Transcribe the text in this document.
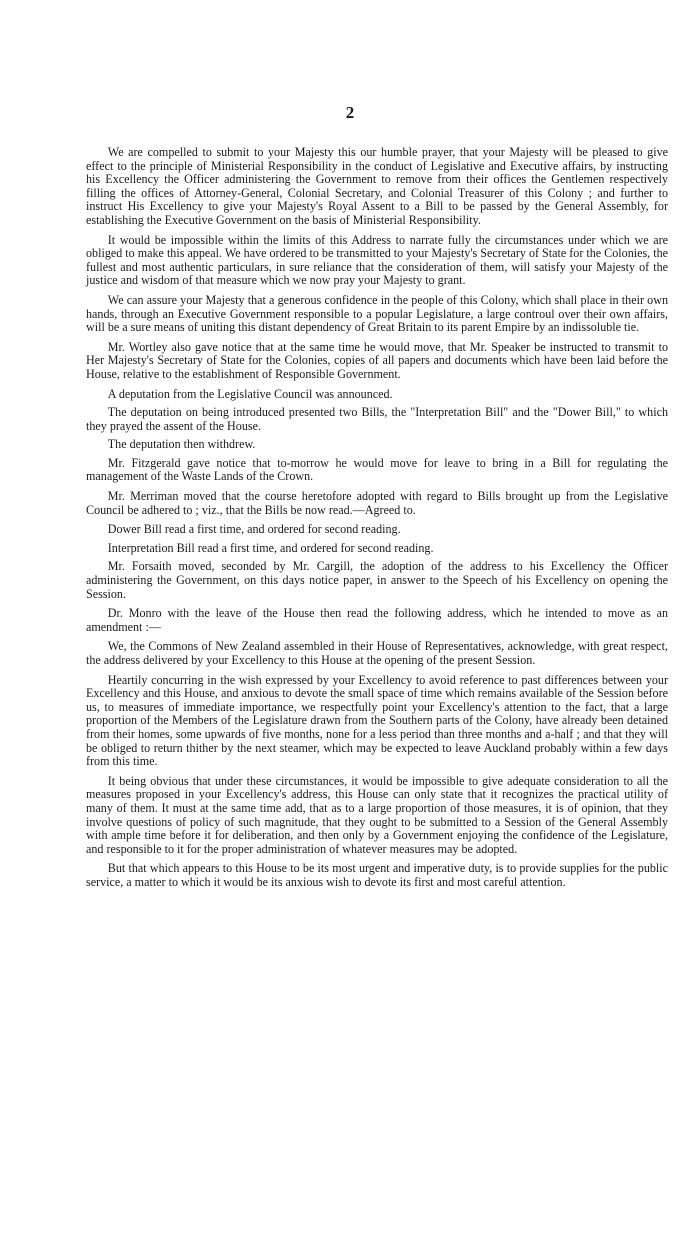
2

We are compelled to submit to your Majesty this our humble prayer, that your Majesty will be pleased to give effect to the principle of Ministerial Responsibility in the conduct of Legislative and Executive affairs, by instructing his Excellency the Officer administering the Government to remove from their offices the Gentlemen respectively filling the offices of Attorney-General, Colonial Secretary, and Colonial Treasurer of this Colony ; and further to instruct His Excellency to give your Majesty's Royal Assent to a Bill to be passed by the General Assembly, for establishing the Executive Government on the basis of Ministerial Responsibility.

It would be impossible within the limits of this Address to narrate fully the circumstances under which we are obliged to make this appeal. We have ordered to be transmitted to your Majesty's Secretary of State for the Colonies, the fullest and most authentic particulars, in sure reliance that the consideration of them, will satisfy your Majesty of the justice and wisdom of that measure which we now pray your Majesty to grant.

We can assure your Majesty that a generous confidence in the people of this Colony, which shall place in their own hands, through an Executive Government responsible to a popular Legislature, a large controul over their own affairs, will be a sure means of uniting this distant dependency of Great Britain to its parent Empire by an indissoluble tie.

Mr. Wortley also gave notice that at the same time he would move, that Mr. Speaker be instructed to transmit to Her Majesty's Secretary of State for the Colonies, copies of all papers and documents which have been laid before the House, relative to the establishment of Responsible Government.

A deputation from the Legislative Council was announced.

The deputation on being introduced presented two Bills, the "Interpretation Bill" and the "Dower Bill," to which they prayed the assent of the House.

The deputation then withdrew.

Mr. Fitzgerald gave notice that to-morrow he would move for leave to bring in a Bill for regulating the management of the Waste Lands of the Crown.

Mr. Merriman moved that the course heretofore adopted with regard to Bills brought up from the Legislative Council be adhered to ; viz., that the Bills be now read.—Agreed to.

Dower Bill read a first time, and ordered for second reading.

Interpretation Bill read a first time, and ordered for second reading.

Mr. Forsaith moved, seconded by Mr. Cargill, the adoption of the address to his Excellency the Officer administering the Government, on this days notice paper, in answer to the Speech of his Excellency on opening the Session.

Dr. Monro with the leave of the House then read the following address, which he intended to move as an amendment :—

We, the Commons of New Zealand assembled in their House of Representatives, acknowledge, with great respect, the address delivered by your Excellency to this House at the opening of the present Session.

Heartily concurring in the wish expressed by your Excellency to avoid reference to past differences between your Excellency and this House, and anxious to devote the small space of time which remains available of the Session before us, to measures of immediate importance, we respectfully point your Excellency's attention to the fact, that a large proportion of the Members of the Legislature drawn from the Southern parts of the Colony, have already been detained from their homes, some upwards of five months, none for a less period than three months and a-half ; and that they will be obliged to return thither by the next steamer, which may be expected to leave Auckland probably within a few days from this time.

It being obvious that under these circumstances, it would be impossible to give adequate consideration to all the measures proposed in your Excellency's address, this House can only state that it recognizes the practical utility of many of them. It must at the same time add, that as to a large proportion of those measures, it is of opinion, that they involve questions of policy of such magnitude, that they ought to be submitted to a Session of the General Assembly with ample time before it for deliberation, and then only by a Government enjoying the confidence of the Legislature, and responsible to it for the proper administration of whatever measures may be adopted.

But that which appears to this House to be its most urgent and imperative duty, is to provide supplies for the public service, a matter to which it would be its anxious wish to devote its first and most careful attention.
